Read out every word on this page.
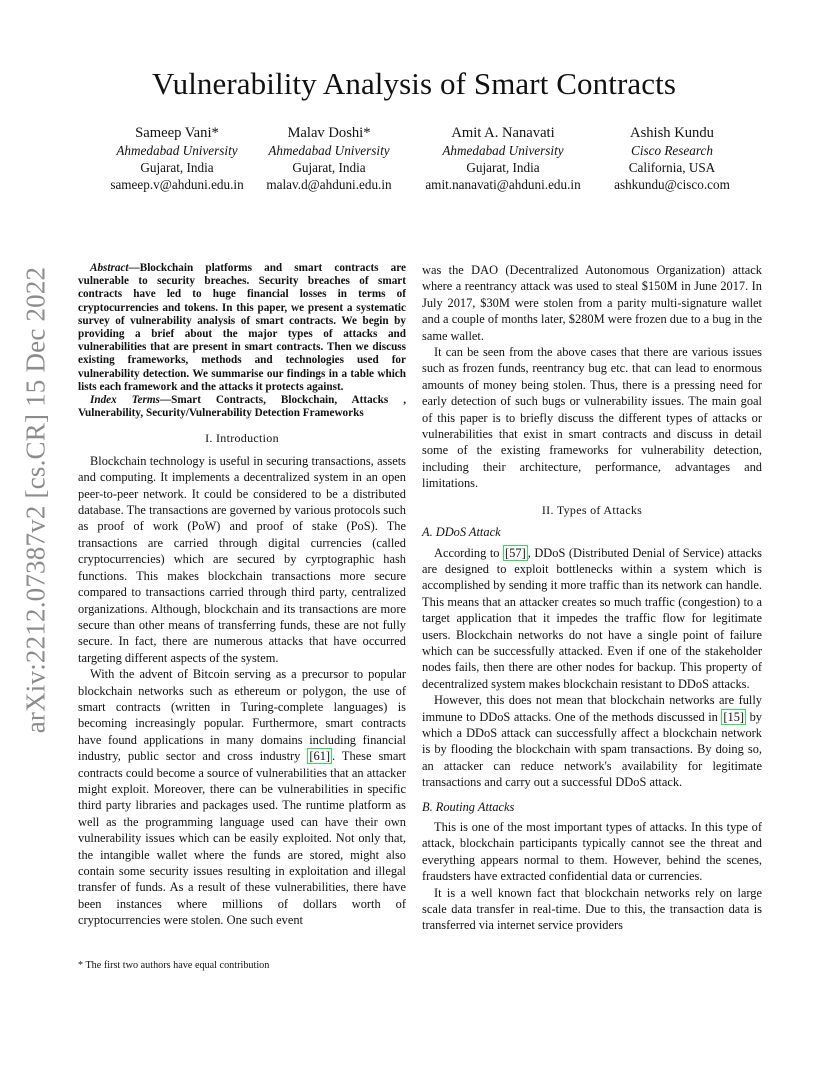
arXiv:2212.07387v2 [cs.CR] 15 Dec 2022
Vulnerability Analysis of Smart Contracts
Sameep Vani*
Ahmedabad University
Gujarat, India
sameep.v@ahduni.edu.in
Malav Doshi*
Ahmedabad University
Gujarat, India
malav.d@ahduni.edu.in
Amit A. Nanavati
Ahmedabad University
Gujarat, India
amit.nanavati@ahduni.edu.in
Ashish Kundu
Cisco Research
California, USA
ashkundu@cisco.com

Abstract—Blockchain platforms and smart contracts are vulnerable to security breaches. Security breaches of smart contracts have led to huge financial losses in terms of cryptocurrencies and tokens. In this paper, we present a systematic survey of vulnerability analysis of smart contracts. We begin by providing a brief about the major types of attacks and vulnerabilities that are present in smart contracts. Then we discuss existing frameworks, methods and technologies used for vulnerability detection. We summarise our findings in a table which lists each framework and the attacks it protects against.

Index Terms—Smart Contracts, Blockchain, Attacks , Vulnerability, Security/Vulnerability Detection Frameworks

I. Introduction

Blockchain technology is useful in securing transactions, assets and computing. It implements a decentralized system in an open peer-to-peer network. It could be considered to be a distributed database. The transactions are governed by various protocols such as proof of work (PoW) and proof of stake (PoS). The transactions are carried through digital currencies (called cryptocurrencies) which are secured by cyrptographic hash functions. This makes blockchain transactions more secure compared to transactions carried through third party, centralized organizations. Although, blockchain and its transactions are more secure than other means of transferring funds, these are not fully secure. In fact, there are numerous attacks that have occurred targeting different aspects of the system.

With the advent of Bitcoin serving as a precursor to popular blockchain networks such as ethereum or polygon, the use of smart contracts (written in Turing-complete languages) is becoming increasingly popular. Furthermore, smart contracts have found applications in many domains including financial industry, public sector and cross industry [61] . These smart contracts could become a source of vulnerabilities that an attacker might exploit. Moreover, there can be vulnerabilities in specific third party libraries and packages used. The runtime platform as well as the programming language used can have their own vulnerability issues which can be easily exploited. Not only that, the intangible wallet where the funds are stored, might also contain some security issues resulting in exploitation and illegal transfer of funds. As a result of these vulnerabilities, there have been instances where millions of dollars worth of cryptocurrencies were stolen. One such event

was the DAO (Decentralized Autonomous Organization) attack where a reentrancy attack was used to steal $150M in June 2017. In July 2017, $30M were stolen from a parity multi-signature wallet and a couple of months later, $280M were frozen due to a bug in the same wallet.

It can be seen from the above cases that there are various issues such as frozen funds, reentrancy bug etc. that can lead to enormous amounts of money being stolen. Thus, there is a pressing need for early detection of such bugs or vulnerability issues. The main goal of this paper is to briefly discuss the different types of attacks or vulnerabilities that exist in smart contracts and discuss in detail some of the existing frameworks for vulnerability detection, including their architecture, performance, advantages and limitations.

II. Types of Attacks
A. DDoS Attack

According to [57] , DDoS (Distributed Denial of Service) attacks are designed to exploit bottlenecks within a system which is accomplished by sending it more traffic than its network can handle. This means that an attacker creates so much traffic (congestion) to a target application that it impedes the traffic flow for legitimate users. Blockchain networks do not have a single point of failure which can be successfully attacked. Even if one of the stakeholder nodes fails, then there are other nodes for backup. This property of decentralized system makes blockchain resistant to DDoS attacks.

However, this does not mean that blockchain networks are fully immune to DDoS attacks. One of the methods discussed in [15] by which a DDoS attack can successfully affect a blockchain network is by flooding the blockchain with spam transactions. By doing so, an attacker can reduce network's availability for legitimate transactions and carry out a successful DDoS attack.

B. Routing Attacks

This is one of the most important types of attacks. In this type of attack, blockchain participants typically cannot see the threat and everything appears normal to them. However, behind the scenes, fraudsters have extracted confidential data or currencies.

It is a well known fact that blockchain networks rely on large scale data transfer in real-time. Due to this, the transaction data is transferred via internet service providers

* The first two authors have equal contribution
